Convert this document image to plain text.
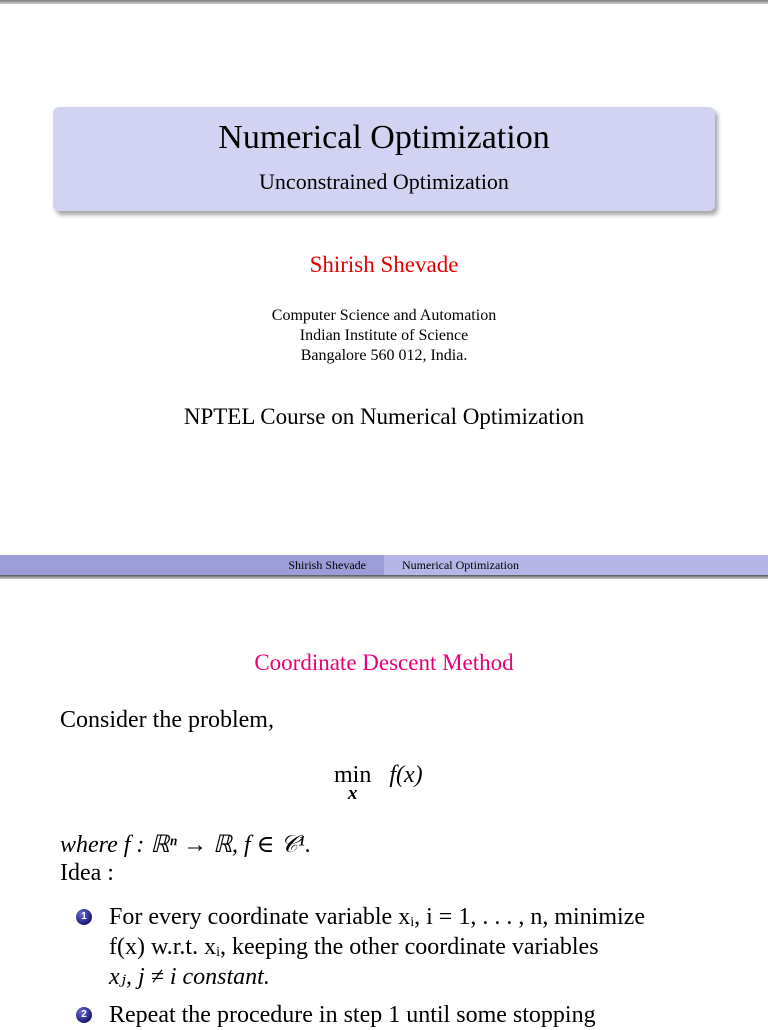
Numerical Optimization
Unconstrained Optimization
Shirish Shevade
Computer Science and Automation
Indian Institute of Science
Bangalore 560 012, India.
NPTEL Course on Numerical Optimization
Shirish Shevade	Numerical Optimization
Coordinate Descent Method
Consider the problem,
min
x
f(x)
where f : ℝⁿ → ℝ, f ∈ 𝒞¹.
Idea :
1 For every coordinate variable xᵢ, i = 1, . . . , n, minimize
f(x) w.r.t. xᵢ, keeping the other coordinate variables
xⱼ, j ≠ i constant.
2 Repeat the procedure in step 1 until some stopping
